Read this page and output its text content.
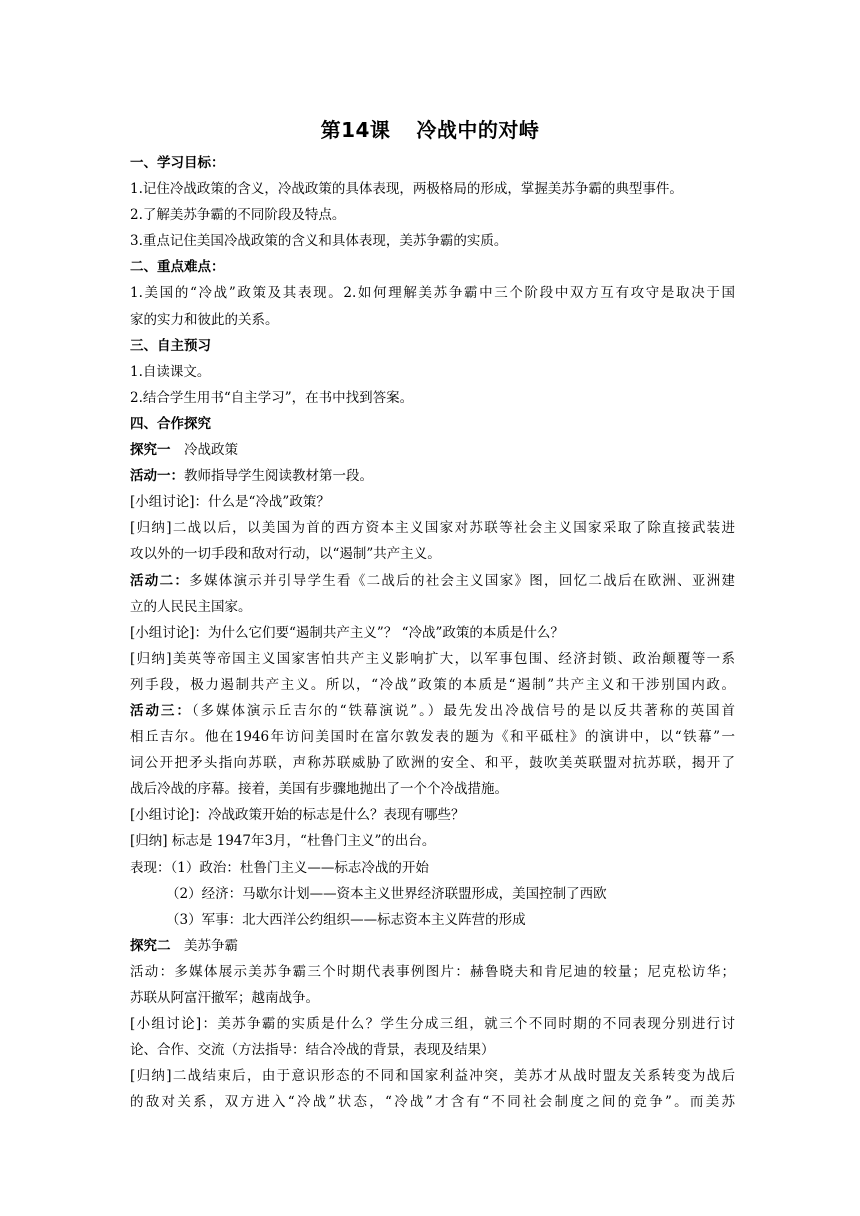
第14课 冷战中的对峙
一、学习目标：
1.记住冷战政策的含义，冷战政策的具体表现，两极格局的形成，掌握美苏争霸的典型事件。
2.了解美苏争霸的不同阶段及特点。
3.重点记住美国冷战政策的含义和具体表现，美苏争霸的实质。
二、重点难点：
1.美国的“冷战”政策及其表现。2.如何理解美苏争霸中三个阶段中双方互有攻守是取决于国
家的实力和彼此的关系。
三、自主预习
1.自读课文。
2.结合学生用书“自主学习”，在书中找到答案。
四、合作探究
探究一　冷战政策
活动一：教师指导学生阅读教材第一段。
[小组讨论]：什么是“冷战”政策？
[归纳]二战以后，以美国为首的西方资本主义国家对苏联等社会主义国家采取了除直接武装进
攻以外的一切手段和敌对行动，以“遏制”共产主义。
活动二：多媒体演示并引导学生看《二战后的社会主义国家》图，回忆二战后在欧洲、亚洲建
立的人民民主国家。
[小组讨论]：为什么它们要“遏制共产主义”？ “冷战”政策的本质是什么？
[归纳]美英等帝国主义国家害怕共产主义影响扩大，以军事包围、经济封锁、政治颠覆等一系
列手段，极力遏制共产主义。所以，“冷战”政策的本质是“遏制”共产主义和干涉别国内政。
活动三：（多媒体演示丘吉尔的“铁幕演说”。）最先发出冷战信号的是以反共著称的英国首
相丘吉尔。他在1946年访问美国时在富尔敦发表的题为《和平砥柱》的演讲中，以“铁幕”一
词公开把矛头指向苏联，声称苏联威胁了欧洲的安全、和平，鼓吹美英联盟对抗苏联，揭开了
战后冷战的序幕。接着，美国有步骤地抛出了一个个冷战措施。
[小组讨论]：冷战政策开始的标志是什么？表现有哪些？
[归纳] 标志是 1947年3月，“杜鲁门主义”的出台。
表现：（1）政治：杜鲁门主义——标志冷战的开始
（2）经济：马歇尔计划——资本主义世界经济联盟形成，美国控制了西欧
（3）军事：北大西洋公约组织——标志资本主义阵营的形成
探究二　美苏争霸
活动：多媒体展示美苏争霸三个时期代表事例图片：赫鲁晓夫和肯尼迪的较量；尼克松访华；
苏联从阿富汗撤军；越南战争。
[小组讨论]：美苏争霸的实质是什么？学生分成三组，就三个不同时期的不同表现分别进行讨
论、合作、交流（方法指导：结合冷战的背景，表现及结果）
[归纳]二战结束后，由于意识形态的不同和国家利益冲突，美苏才从战时盟友关系转变为战后
的敌对关系，双方进入“冷战”状态，“冷战”才含有“不同社会制度之间的竞争”。而美苏
